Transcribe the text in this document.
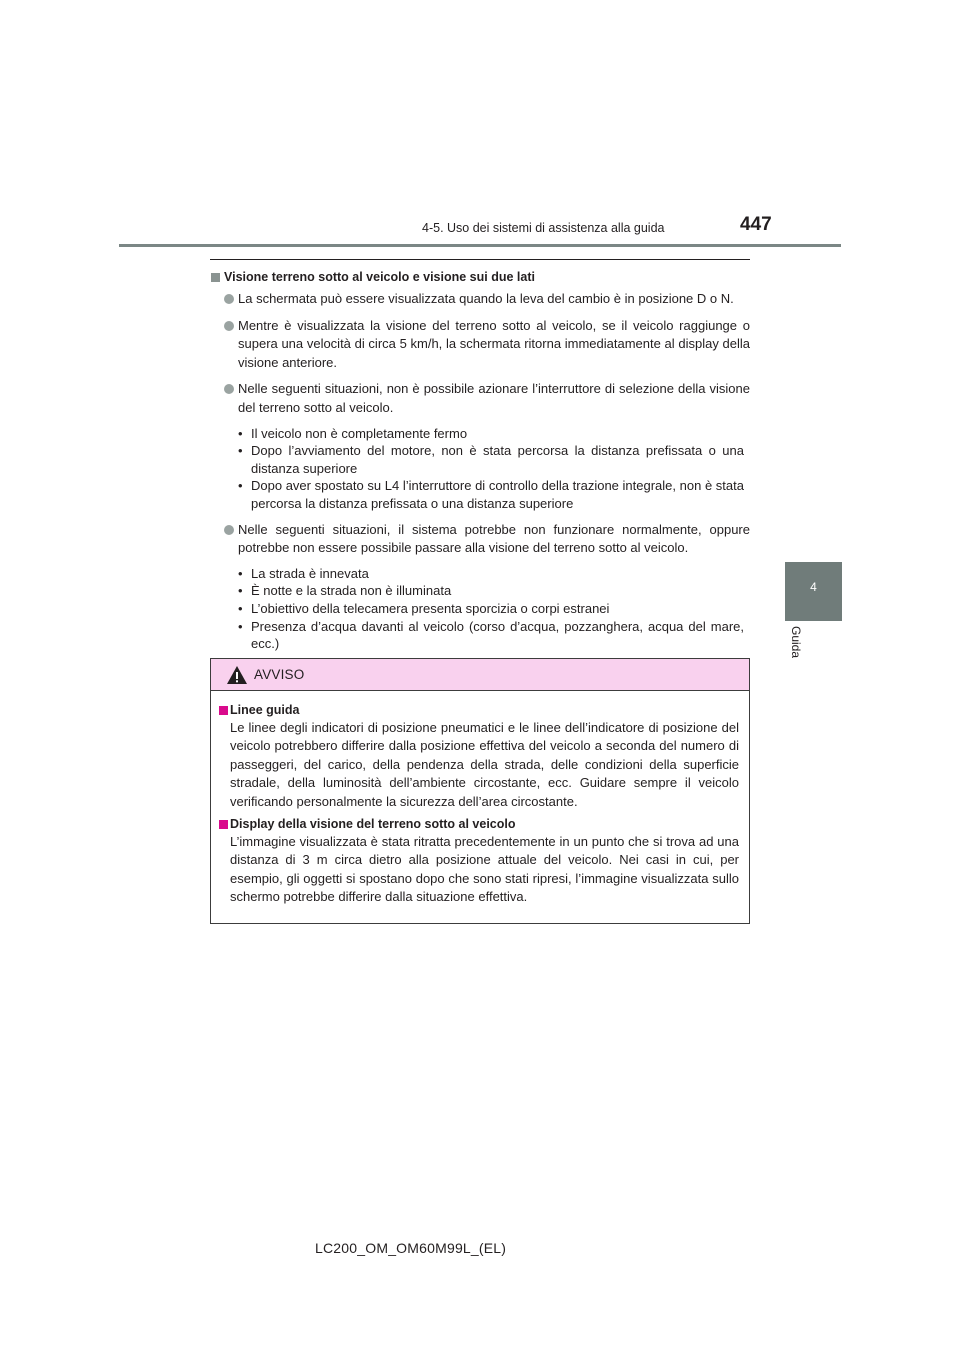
4-5. Uso dei sistemi di assistenza alla guida	447
4
Guida
Visione terreno sotto al veicolo e visione sui due lati
La schermata può essere visualizzata quando la leva del cambio è in posizione D o N.
Mentre è visualizzata la visione del terreno sotto al veicolo, se il veicolo raggiunge o supera una velocità di circa 5 km/h, la schermata ritorna immediatamente al display della visione anteriore.
Nelle seguenti situazioni, non è possibile azionare l’interruttore di selezione della visione del terreno sotto al veicolo.
• Il veicolo non è completamente fermo
• Dopo l’avviamento del motore, non è stata percorsa la distanza prefissata o una distanza superiore
• Dopo aver spostato su L4 l’interruttore di controllo della trazione integrale, non è stata percorsa la distanza prefissata o una distanza superiore
Nelle seguenti situazioni, il sistema potrebbe non funzionare normalmente, oppure potrebbe non essere possibile passare alla visione del terreno sotto al veicolo.
• La strada è innevata
• È notte e la strada non è illuminata
• L’obiettivo della telecamera presenta sporcizia o corpi estranei
• Presenza d’acqua davanti al veicolo (corso d’acqua, pozzanghera, acqua del mare, ecc.)
AVVISO
Linee guida
Le linee degli indicatori di posizione pneumatici e le linee dell’indicatore di posizione del veicolo potrebbero differire dalla posizione effettiva del veicolo a seconda del numero di passeggeri, del carico, della pendenza della strada, delle condizioni della superficie stradale, della luminosità dell’ambiente circostante, ecc. Guidare sempre il veicolo verificando personalmente la sicurezza dell’area circostante.
Display della visione del terreno sotto al veicolo
L’immagine visualizzata è stata ritratta precedentemente in un punto che si trova ad una distanza di 3 m circa dietro alla posizione attuale del veicolo. Nei casi in cui, per esempio, gli oggetti si spostano dopo che sono stati ripresi, l’immagine visualizzata sullo schermo potrebbe differire dalla situazione effettiva.
LC200_OM_OM60M99L_(EL)
